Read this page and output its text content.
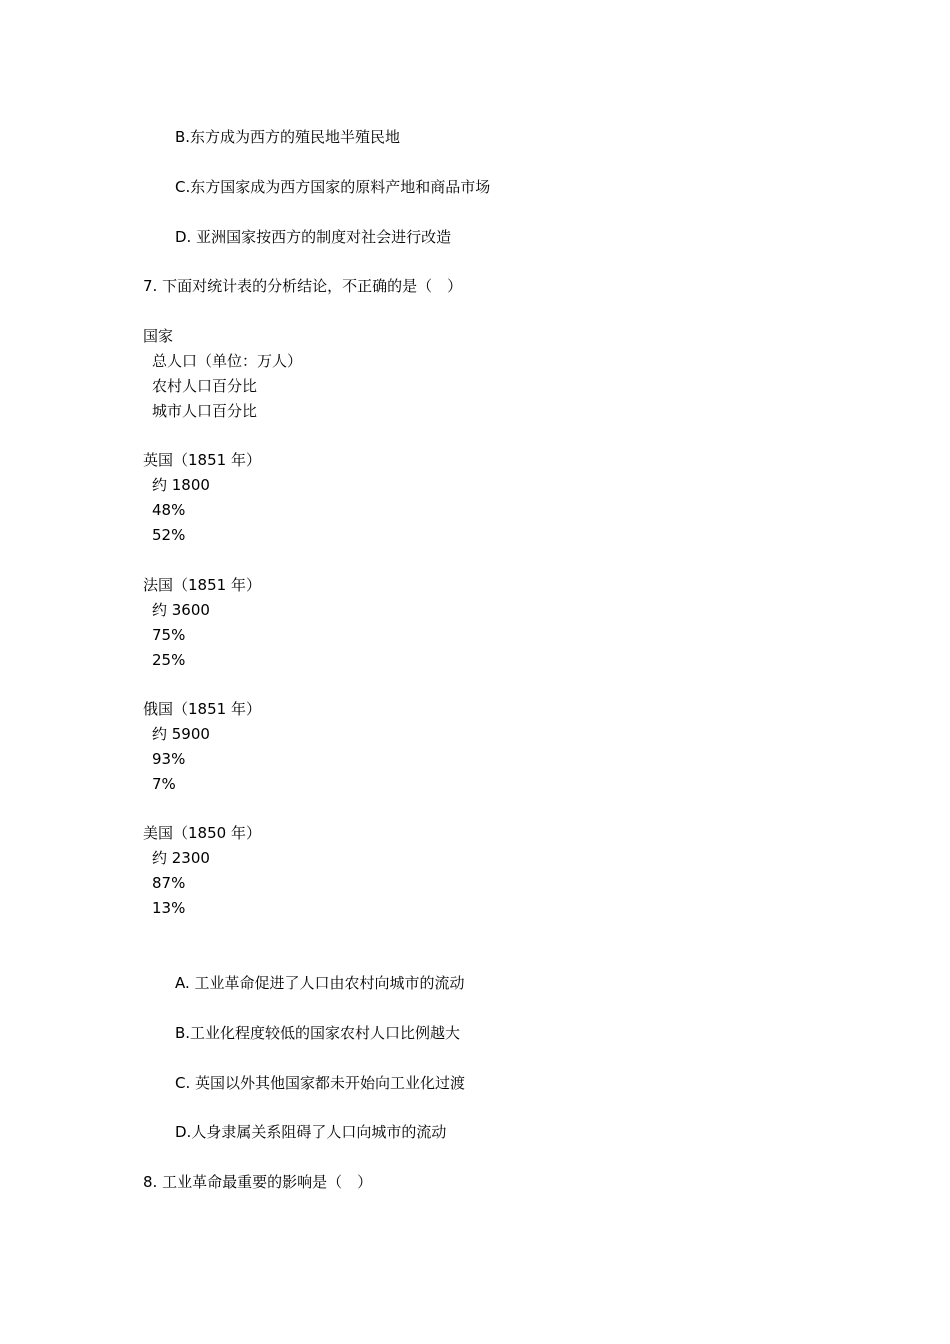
B.东方成为西方的殖民地半殖民地
C.东方国家成为西方国家的原料产地和商品市场
D. 亚洲国家按西方的制度对社会进行改造
7. 下面对统计表的分析结论，不正确的是（　）
国家
总人口（单位：万人）
农村人口百分比
城市人口百分比
英国（1851 年）
约 1800
48%
52%
法国（1851 年）
约 3600
75%
25%
俄国（1851 年）
约 5900
93%
7%
美国（1850 年）
约 2300
87%
13%
A. 工业革命促进了人口由农村向城市的流动
B.工业化程度较低的国家农村人口比例越大
C. 英国以外其他国家都未开始向工业化过渡
D.人身隶属关系阻碍了人口向城市的流动
8. 工业革命最重要的影响是（　）
